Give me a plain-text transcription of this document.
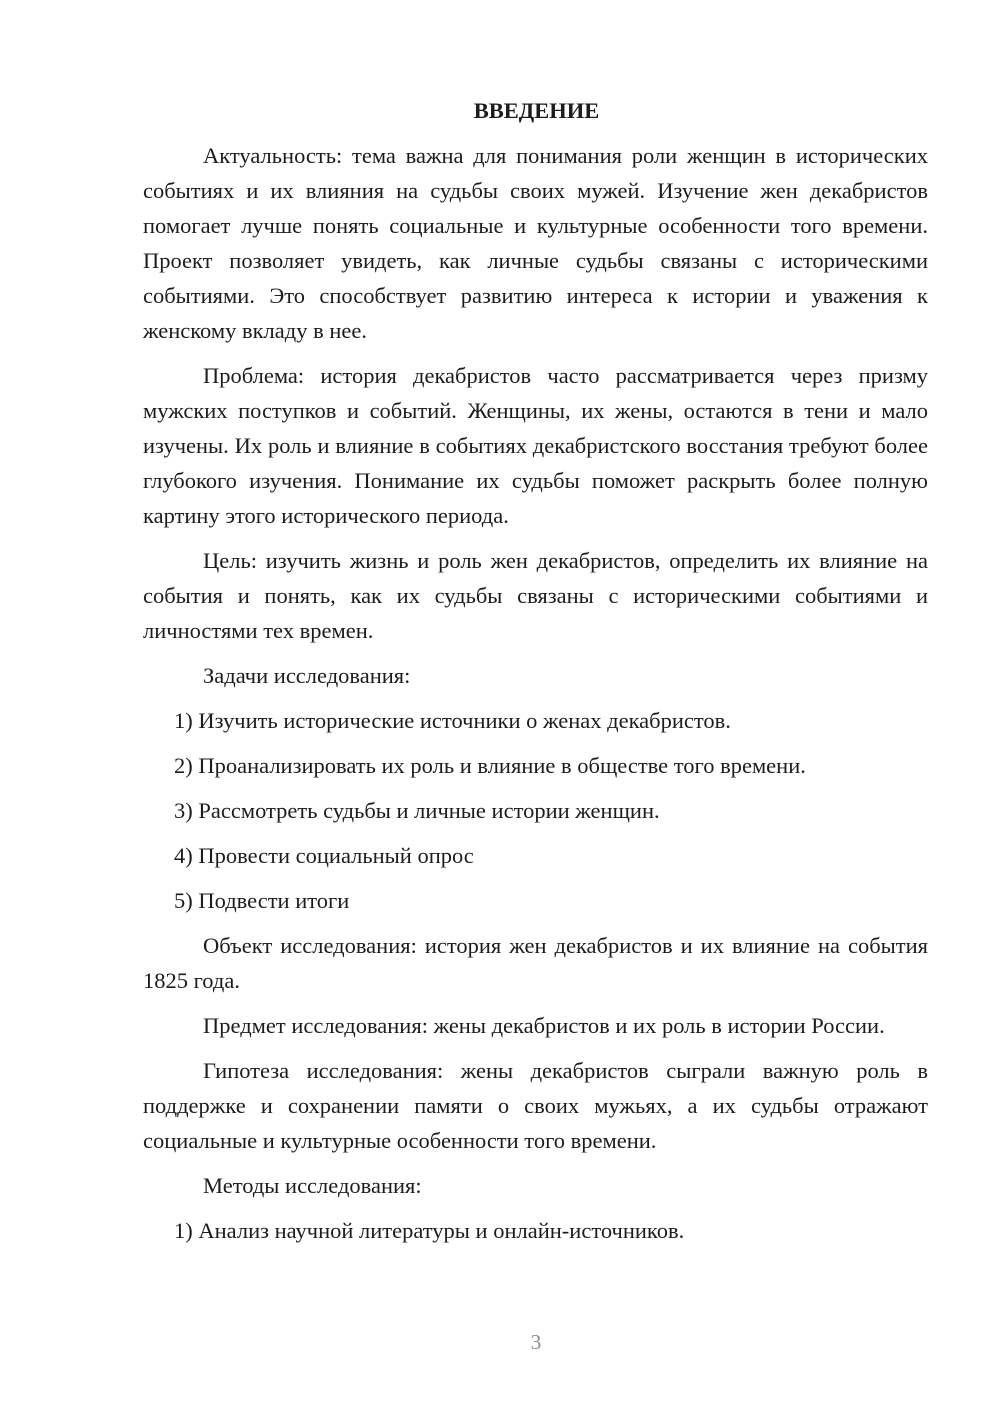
ВВЕДЕНИЕ

Актуальность: тема важна для понимания роли женщин в исторических событиях и их влияния на судьбы своих мужей. Изучение жен декабристов помогает лучше понять социальные и культурные особенности того времени. Проект позволяет увидеть, как личные судьбы связаны с историческими событиями. Это способствует развитию интереса к истории и уважения к женскому вкладу в нее.

Проблема: история декабристов часто рассматривается через призму мужских поступков и событий. Женщины, их жены, остаются в тени и мало изучены. Их роль и влияние в событиях декабристского восстания требуют более глубокого изучения. Понимание их судьбы поможет раскрыть более полную картину этого исторического периода.

Цель: изучить жизнь и роль жен декабристов, определить их влияние на события и понять, как их судьбы связаны с историческими событиями и личностями тех времен.

Задачи исследования:
1) Изучить исторические источники о женах декабристов.
2) Проанализировать их роль и влияние в обществе того времени.
3) Рассмотреть судьбы и личные истории женщин.
4) Провести социальный опрос
5) Подвести итоги

Объект исследования: история жен декабристов и их влияние на события 1825 года.

Предмет исследования: жены декабристов и их роль в истории России.

Гипотеза исследования: жены декабристов сыграли важную роль в поддержке и сохранении памяти о своих мужьях, а их судьбы отражают социальные и культурные особенности того времени.

Методы исследования:
1) Анализ научной литературы и онлайн-источников.
3
